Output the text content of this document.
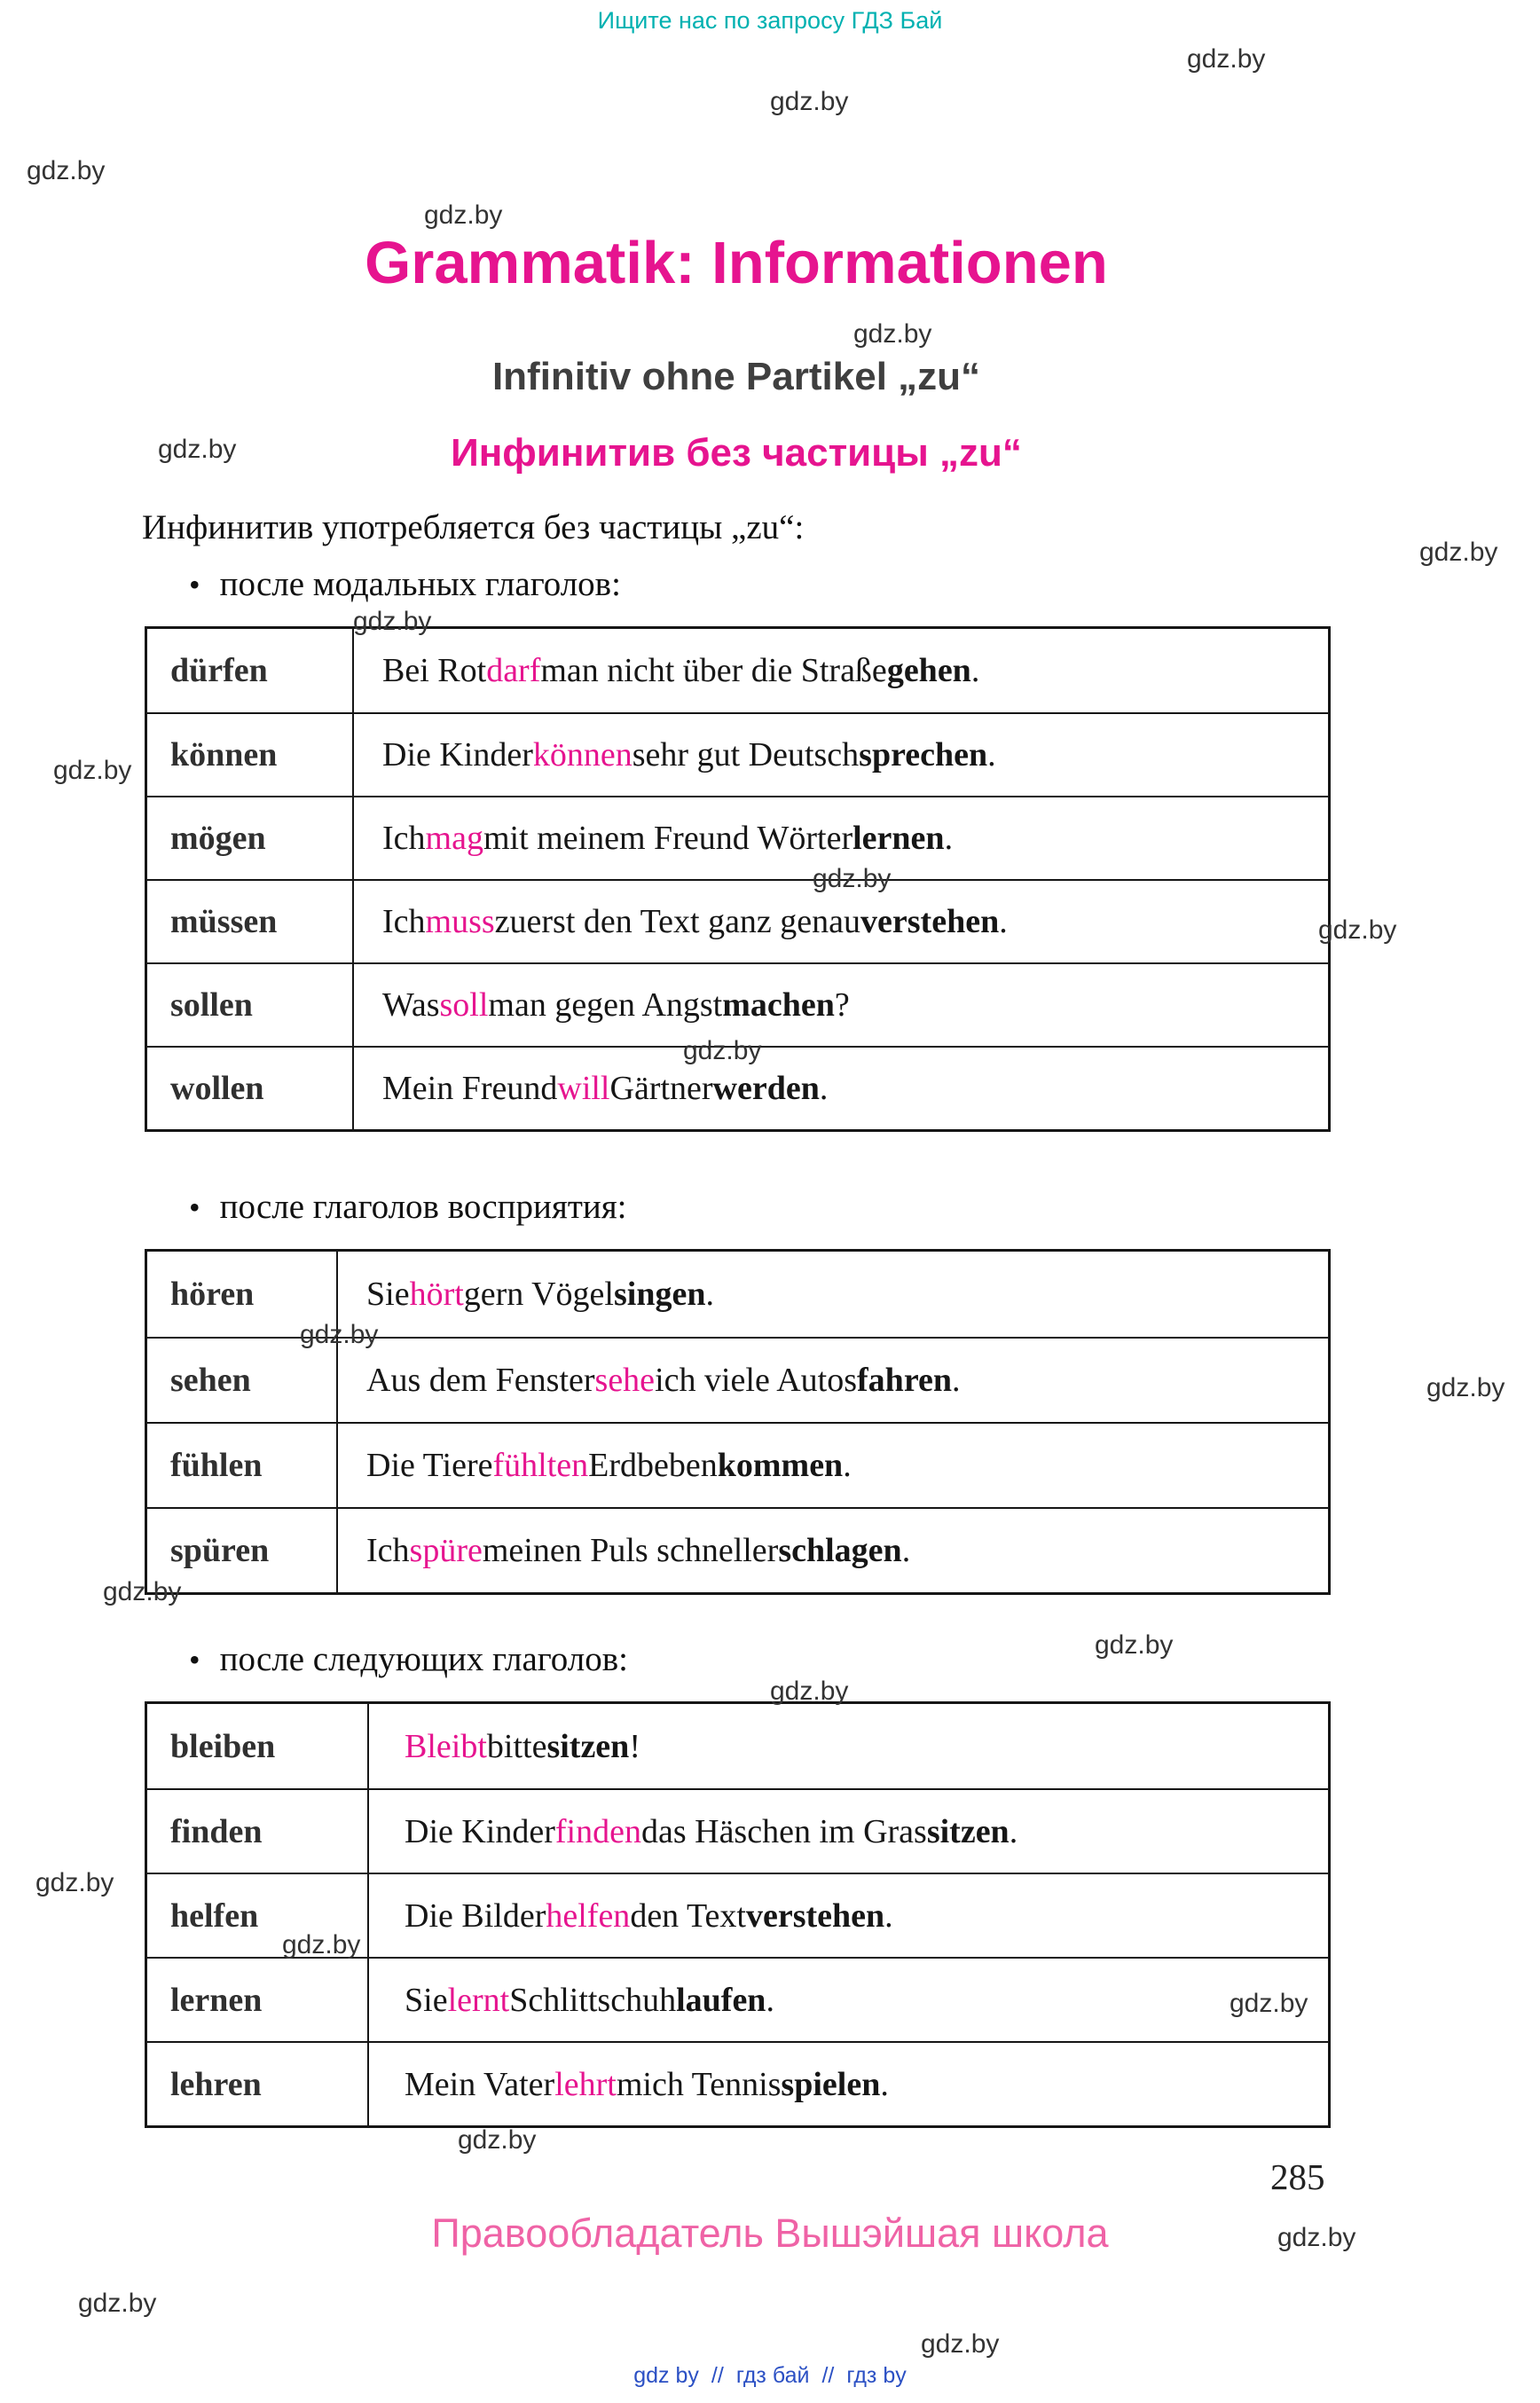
Ищите нас по запросу ГДЗ Бай
Grammatik: Informationen
Infinitiv ohne Partikel „zu“
Инфинитив без частицы „zu“

Инфинитив употребляется без частицы „zu“:

• после модальных глаголов:

dürfen	Bei Rot darf man nicht über die Straße gehen .
können	Die Kinder können sehr gut Deutsch sprechen .
mögen	Ich mag mit meinem Freund Wörter lernen .
müssen	Ich muss zuerst den Text ganz genau verstehen .
sollen	Was soll man gegen Angst machen ?
wollen	Mein Freund will Gärtner werden .

• после глаголов восприятия:

hören	Sie hört gern Vögel singen .
sehen	Aus dem Fenster sehe ich viele Autos fahren .
fühlen	Die Tiere fühlten Erdbeben kommen .
spüren	Ich spüre meinen Puls schneller schlagen .

• после следующих глаголов:

bleiben	Bleibt bitte sitzen !
finden	Die Kinder finden das Häschen im Gras sitzen .
helfen	Die Bilder helfen den Text verstehen .
lernen	Sie lernt Schlittschuh laufen .
lehren	Mein Vater lehrt mich Tennis spielen .
285
Правообладатель Вышэйшая школа
gdz by // гдз бай // гдз by
gdz.by
gdz.by
gdz.by
gdz.by
gdz.by
gdz.by
gdz.by
gdz.by
gdz.by
gdz.by
gdz.by
gdz.by
gdz.by
gdz.by
gdz.by
gdz.by
gdz.by
gdz.by
gdz.by
gdz.by
gdz.by
gdz.by
gdz.by
gdz.by
